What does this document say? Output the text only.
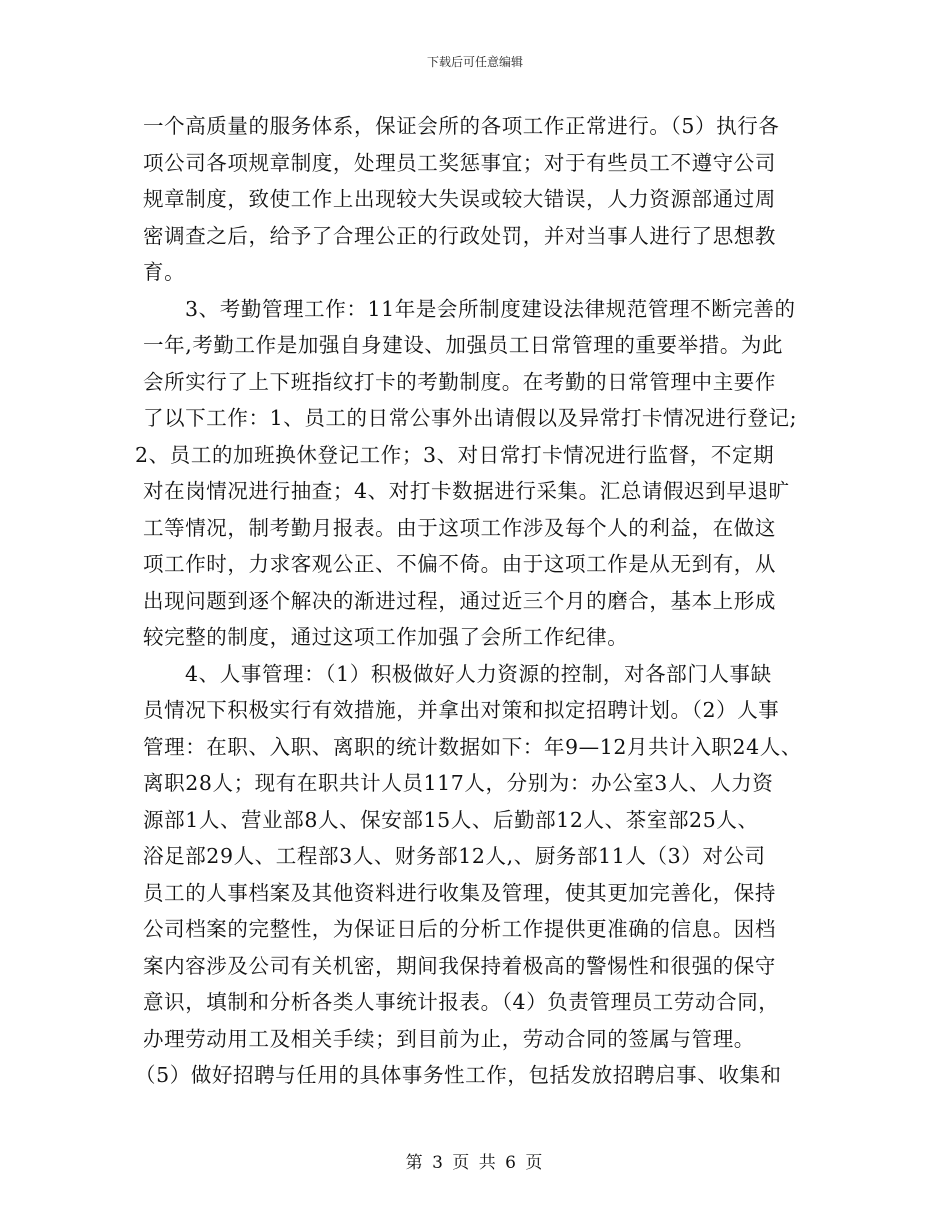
下载后可任意编辑
一个高质量的服务体系，保证会所的各项工作正常进行。（5）执行各
项公司各项规章制度，处理员工奖惩事宜；对于有些员工不遵守公司
规章制度，致使工作上出现较大失误或较大错误，人力资源部通过周
密调查之后，给予了合理公正的行政处罚，并对当事人进行了思想教
育。
3、考勤管理工作：11年是会所制度建设法律规范管理不断完善的
一年,考勤工作是加强自身建设、加强员工日常管理的重要举措。为此
会所实行了上下班指纹打卡的考勤制度。在考勤的日常管理中主要作
了以下工作：1、员工的日常公事外出请假以及异常打卡情况进行登记;
2、员工的加班换休登记工作；3、对日常打卡情况进行监督，不定期
对在岗情况进行抽查；4、对打卡数据进行采集。汇总请假迟到早退旷
工等情况，制考勤月报表。由于这项工作涉及每个人的利益，在做这
项工作时，力求客观公正、不偏不倚。由于这项工作是从无到有，从
出现问题到逐个解决的渐进过程，通过近三个月的磨合，基本上形成
较完整的制度，通过这项工作加强了会所工作纪律。
4、人事管理：（1）积极做好人力资源的控制，对各部门人事缺
员情况下积极实行有效措施，并拿出对策和拟定招聘计划。（2）人事
管理：在职、入职、离职的统计数据如下：年9—12月共计入职24人、
离职28人；现有在职共计人员117人，分别为：办公室3人、人力资
源部1人、营业部8人、保安部15人、后勤部12人、茶室部25人、
浴足部29人、工程部3人、财务部12人,、厨务部11人（3）对公司
员工的人事档案及其他资料进行收集及管理，使其更加完善化，保持
公司档案的完整性，为保证日后的分析工作提供更准确的信息。因档
案内容涉及公司有关机密，期间我保持着极高的警惕性和很强的保守
意识，填制和分析各类人事统计报表。（4）负责管理员工劳动合同，
办理劳动用工及相关手续；到目前为止，劳动合同的签属与管理。
（5）做好招聘与任用的具体事务性工作，包括发放招聘启事、收集和
第 3 页 共 6 页
